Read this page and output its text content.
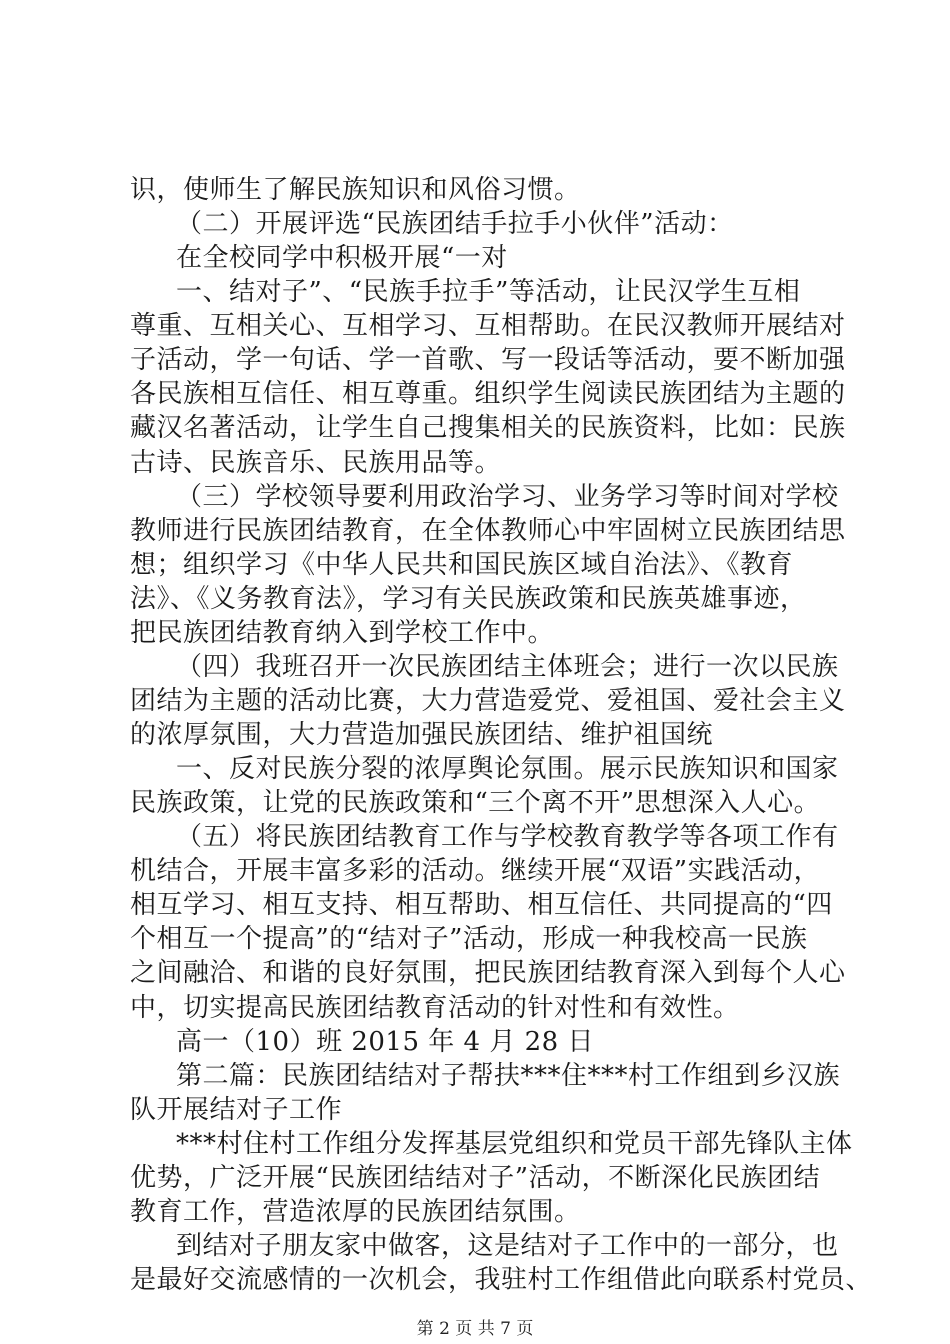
识，使师生了解民族知识和风俗习惯。
（二）开展评选“民族团结手拉手小伙伴”活动：
在全校同学中积极开展“一对
一、结对子”、“民族手拉手”等活动，让民汉学生互相
尊重、互相关心、互相学习、互相帮助。在民汉教师开展结对
子活动，学一句话、学一首歌、写一段话等活动，要不断加强
各民族相互信任、相互尊重。组织学生阅读民族团结为主题的
藏汉名著活动，让学生自己搜集相关的民族资料，比如：民族
古诗、民族音乐、民族用品等。
（三）学校领导要利用政治学习、业务学习等时间对学校
教师进行民族团结教育，在全体教师心中牢固树立民族团结思
想；组织学习《中华人民共和国民族区域自治法》、《教育
法》、《义务教育法》，学习有关民族政策和民族英雄事迹，
把民族团结教育纳入到学校工作中。
（四）我班召开一次民族团结主体班会；进行一次以民族
团结为主题的活动比赛，大力营造爱党、爱祖国、爱社会主义
的浓厚氛围，大力营造加强民族团结、维护祖国统
一、反对民族分裂的浓厚舆论氛围。展示民族知识和国家
民族政策，让党的民族政策和“三个离不开”思想深入人心。
（五）将民族团结教育工作与学校教育教学等各项工作有
机结合，开展丰富多彩的活动。继续开展“双语”实践活动，
相互学习、相互支持、相互帮助、相互信任、共同提高的“四
个相互一个提高”的“结对子”活动，形成一种我校高一民族
之间融洽、和谐的良好氛围，把民族团结教育深入到每个人心
中，切实提高民族团结教育活动的针对性和有效性。
高一（10）班 2015 年 4 月 28 日
第二篇：民族团结结对子帮扶***住***村工作组到乡汉族
队开展结对子工作
***村住村工作组分发挥基层党组织和党员干部先锋队主体
优势，广泛开展“民族团结结对子”活动，不断深化民族团结
教育工作，营造浓厚的民族团结氛围。
到结对子朋友家中做客，这是结对子工作中的一部分，也
是最好交流感情的一次机会，我驻村工作组借此向联系村党员、
第 2 页 共 7 页
